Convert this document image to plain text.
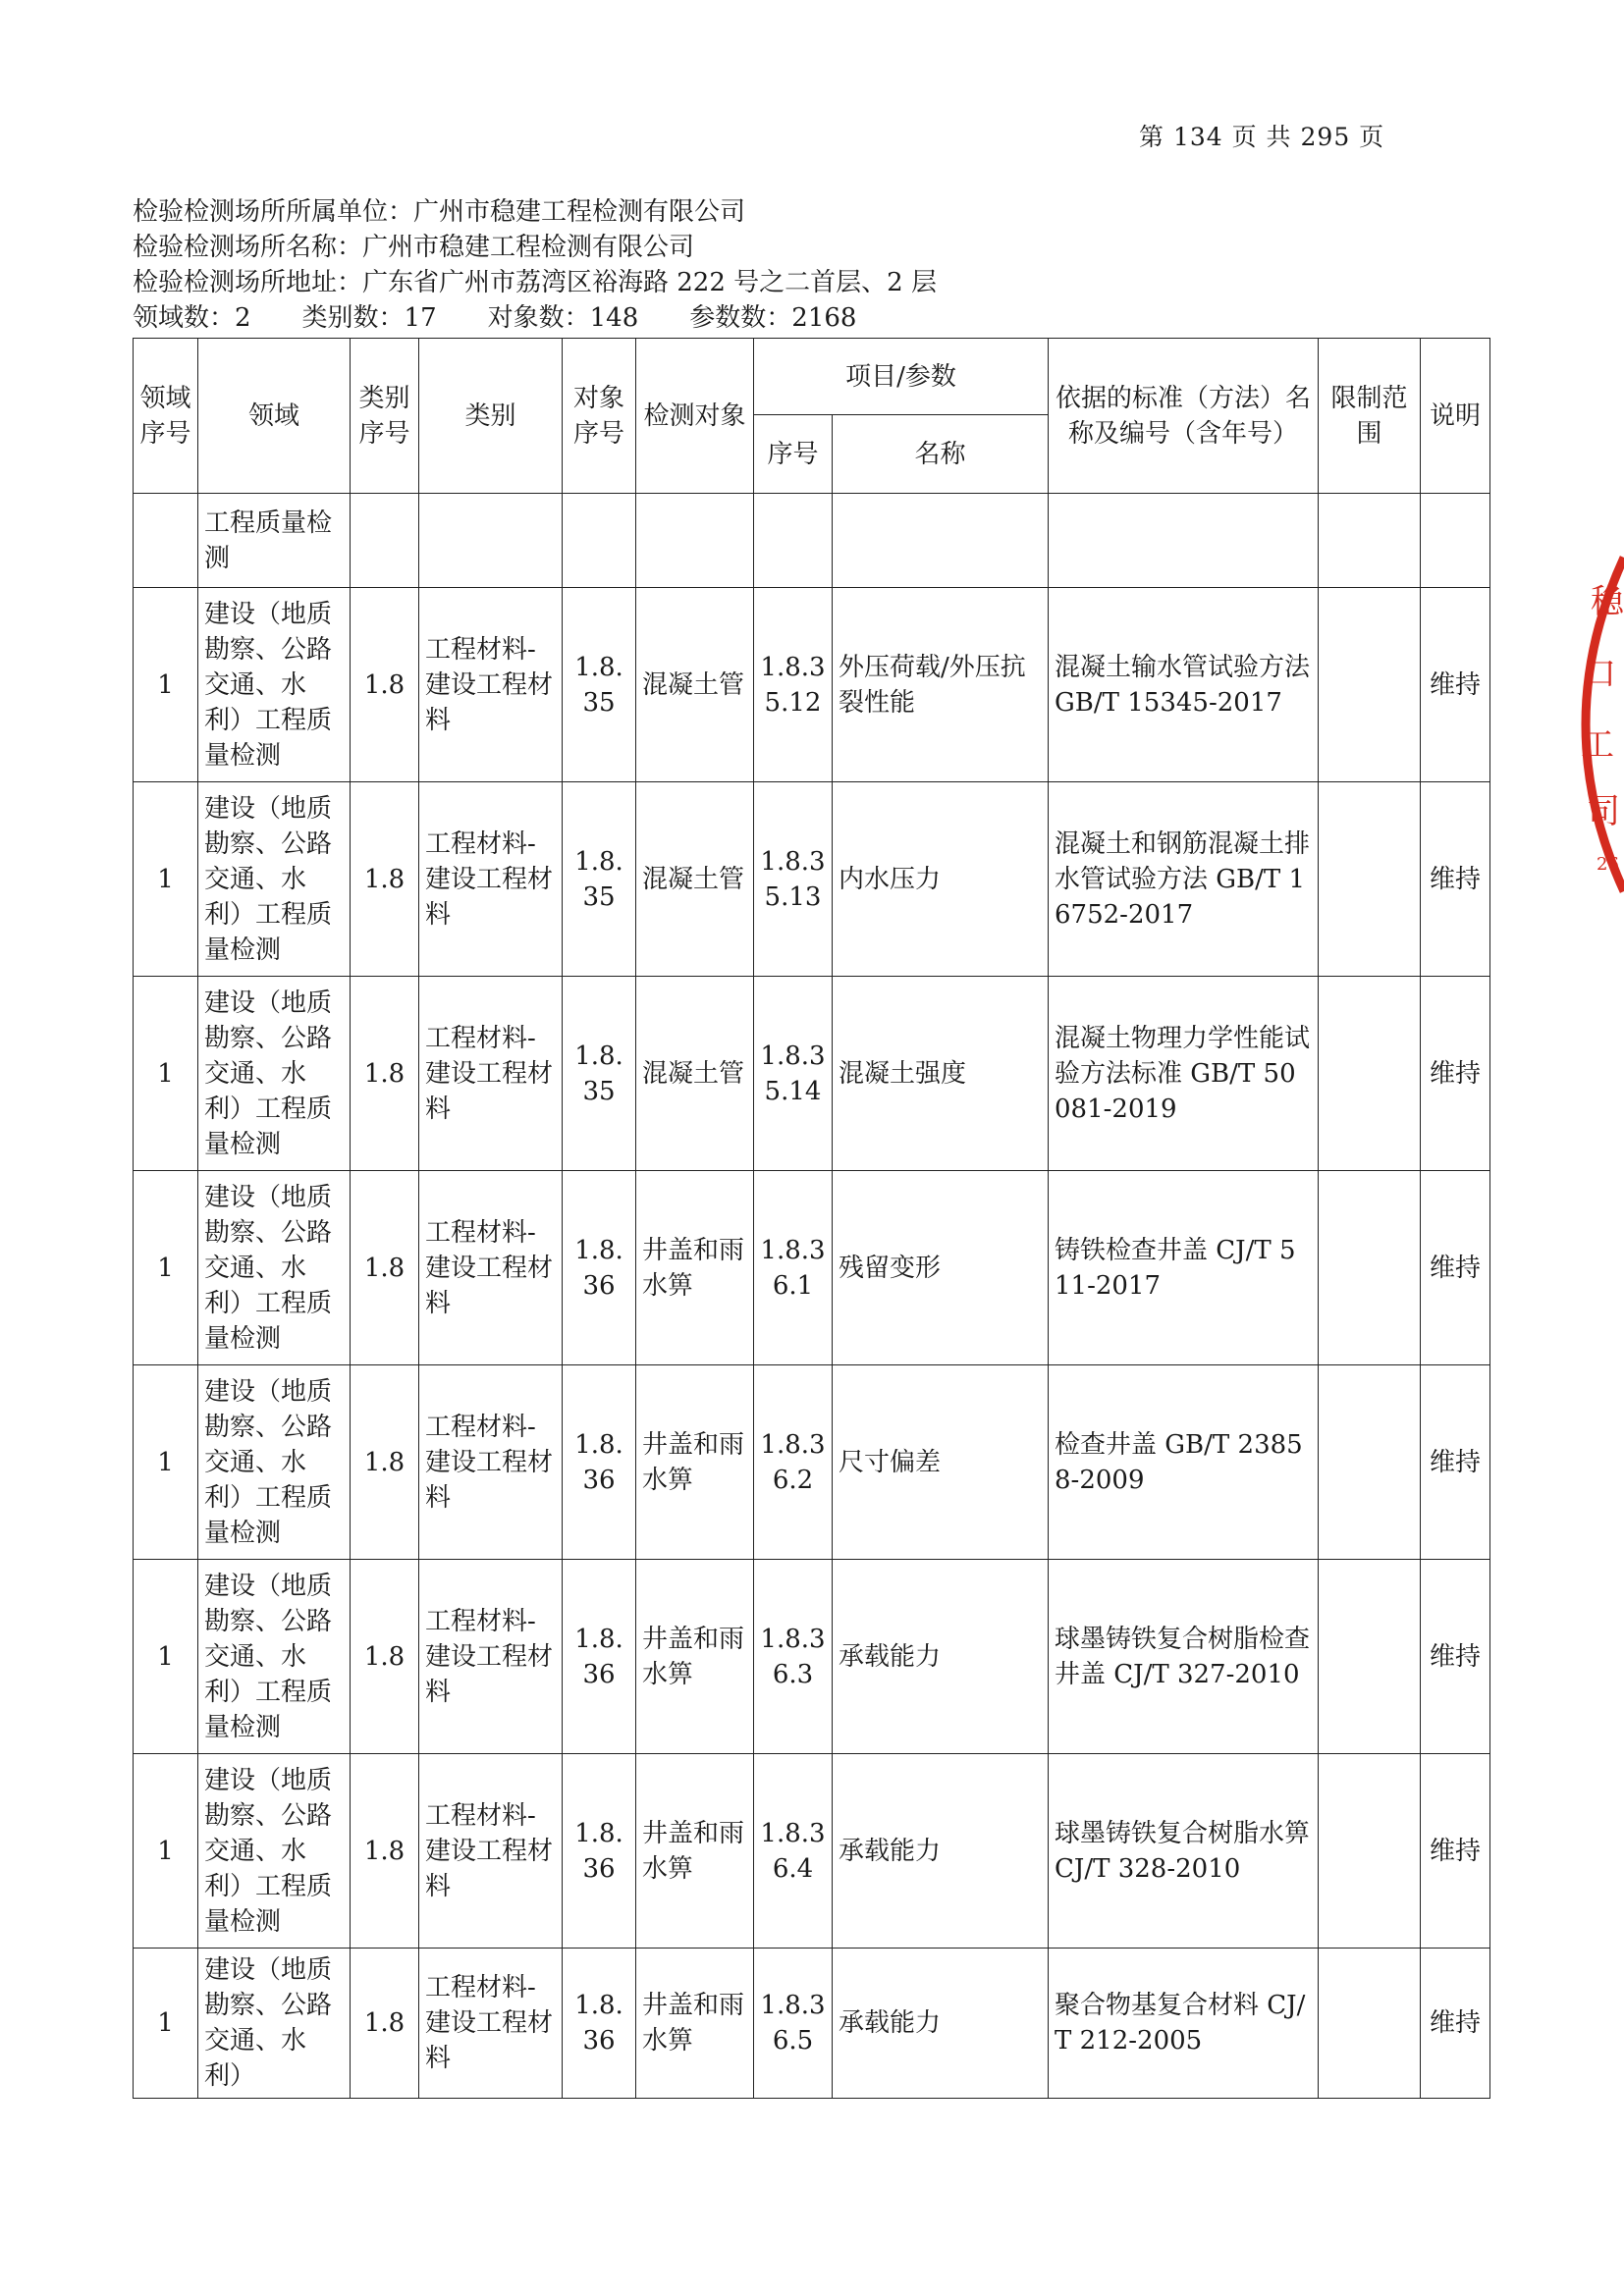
第 134 页 共 295 页
检验检测场所所属单位：广州市稳建工程检测有限公司
检验检测场所名称：广州市稳建工程检测有限公司
检验检测场所地址：广东省广州市荔湾区裕海路 222 号之二首层、2 层
领域数：2 类别数：17 对象数：148 参数数：2168
领域序号	领域	类别序号	类别	对象序号	检测对象	项目/参数		依据的标准（方法）名称及编号（含年号）	限制范围	说明
						序号	名称			
	工程质量检测									
1	建设（地质勘察、公路交通、水利）工程质量检测	1.8	工程材料-建设工程材料	1.8.35	混凝土管	1.8.35.12	外压荷载/外压抗裂性能	混凝土输水管试验方法 GB/T 15345-2017		维持
1	建设（地质勘察、公路交通、水利）工程质量检测	1.8	工程材料-建设工程材料	1.8.35	混凝土管	1.8.35.13	内水压力	混凝土和钢筋混凝土排水管试验方法 GB/T 16752-2017		维持
1	建设（地质勘察、公路交通、水利）工程质量检测	1.8	工程材料-建设工程材料	1.8.35	混凝土管	1.8.35.14	混凝土强度	混凝土物理力学性能试验方法标准 GB/T 50081-2019		维持
1	建设（地质勘察、公路交通、水利）工程质量检测	1.8	工程材料-建设工程材料	1.8.36	井盖和雨水箅	1.8.36.1	残留变形	铸铁检查井盖 CJ/T 511-2017		维持
1	建设（地质勘察、公路交通、水利）工程质量检测	1.8	工程材料-建设工程材料	1.8.36	井盖和雨水箅	1.8.36.2	尺寸偏差	检查井盖 GB/T 23858-2009		维持
1	建设（地质勘察、公路交通、水利）工程质量检测	1.8	工程材料-建设工程材料	1.8.36	井盖和雨水箅	1.8.36.3	承载能力	球墨铸铁复合树脂检查井盖 CJ/T 327-2010		维持
1	建设（地质勘察、公路交通、水利）工程质量检测	1.8	工程材料-建设工程材料	1.8.36	井盖和雨水箅	1.8.36.4	承载能力	球墨铸铁复合树脂水箅 CJ/T 328-2010		维持
1	建设（地质勘察、公路交通、水利）	1.8	工程材料-建设工程材料	1.8.36	井盖和雨水箅	1.8.36.5	承载能力	聚合物基复合材料 CJ/T 212-2005		维持
稳
口
工
司
26
